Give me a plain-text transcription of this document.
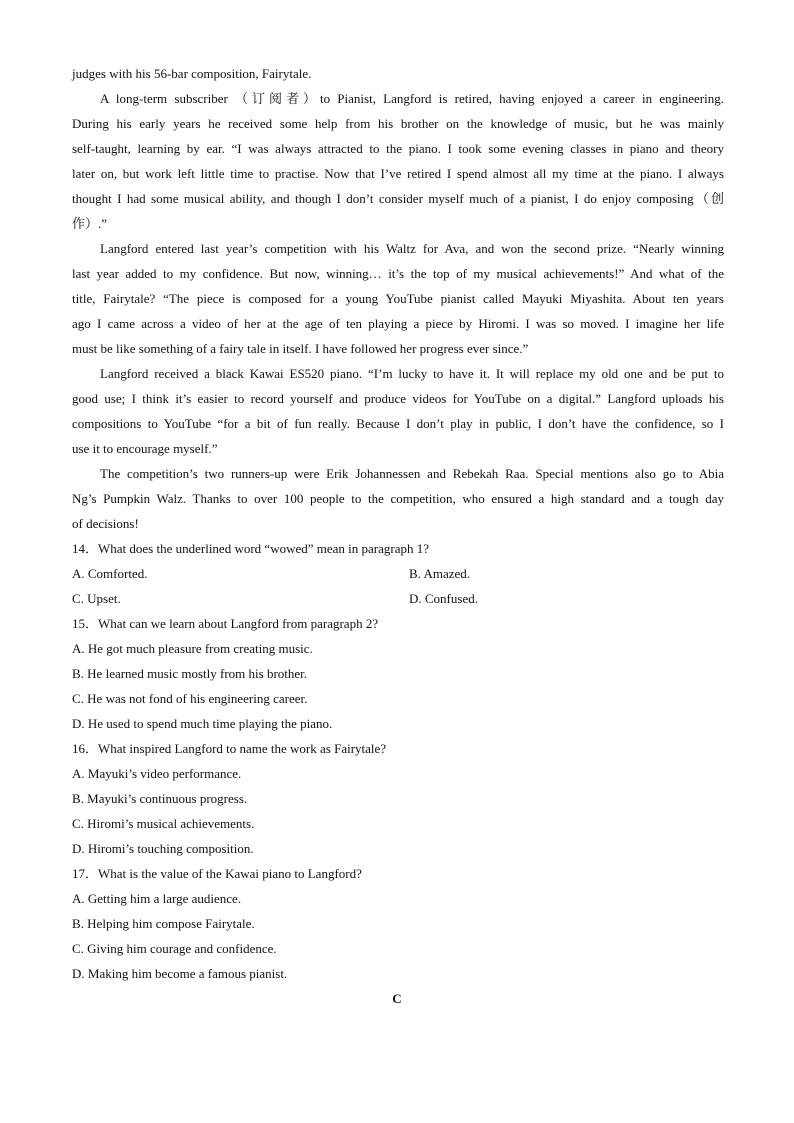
judges with his 56-bar composition, Fairytale.

A long-term subscriber （订阅者）to Pianist, Langford is retired, having enjoyed a career in engineering.

During his early years he received some help from his brother on the knowledge of music, but he was mainly

self-taught, learning by ear. “I was always attracted to the piano. I took some evening classes in piano and theory

later on, but work left little time to practise. Now that I’ve retired I spend almost all my time at the piano. I always

thought I had some musical ability, and though I don’t consider myself much of a pianist, I do enjoy composing（创

作）.”

Langford entered last year’s competition with his Waltz for Ava, and won the second prize. “Nearly winning

last year added to my confidence. But now, winning… it’s the top of my musical achievements!” And what of the

title, Fairytale? “The piece is composed for a young YouTube pianist called Mayuki Miyashita. About ten years

ago I came across a video of her at the age of ten playing a piece by Hiromi. I was so moved. I imagine her life

must be like something of a fairy tale in itself. I have followed her progress ever since.”

Langford received a black Kawai ES520 piano. “I’m lucky to have it. It will replace my old one and be put to

good use; I think it’s easier to record yourself and produce videos for YouTube on a digital.” Langford uploads his

compositions to YouTube “for a bit of fun really. Because I don’t play in public, I don’t have the confidence, so I

use it to encourage myself.”

The competition’s two runners-up were Erik Johannessen and Rebekah Raa. Special mentions also go to Abia

Ng’s Pumpkin Walz. Thanks to over 100 people to the competition, who ensured a high standard and a tough day

of decisions!

14．What does the underlined word “wowed” mean in paragraph 1?

A. Comforted.	B. Amazed.

C. Upset.	D. Confused.

15．What can we learn about Langford from paragraph 2?

A. He got much pleasure from creating music.

B. He learned music mostly from his brother.

C. He was not fond of his engineering career.

D. He used to spend much time playing the piano.

16．What inspired Langford to name the work as Fairytale?

A. Mayuki’s video performance.

B. Mayuki’s continuous progress.

C. Hiromi’s musical achievements.

D. Hiromi’s touching composition.

17．What is the value of the Kawai piano to Langford?

A. Getting him a large audience.

B. Helping him compose Fairytale.

C. Giving him courage and confidence.

D. Making him become a famous pianist.

C
